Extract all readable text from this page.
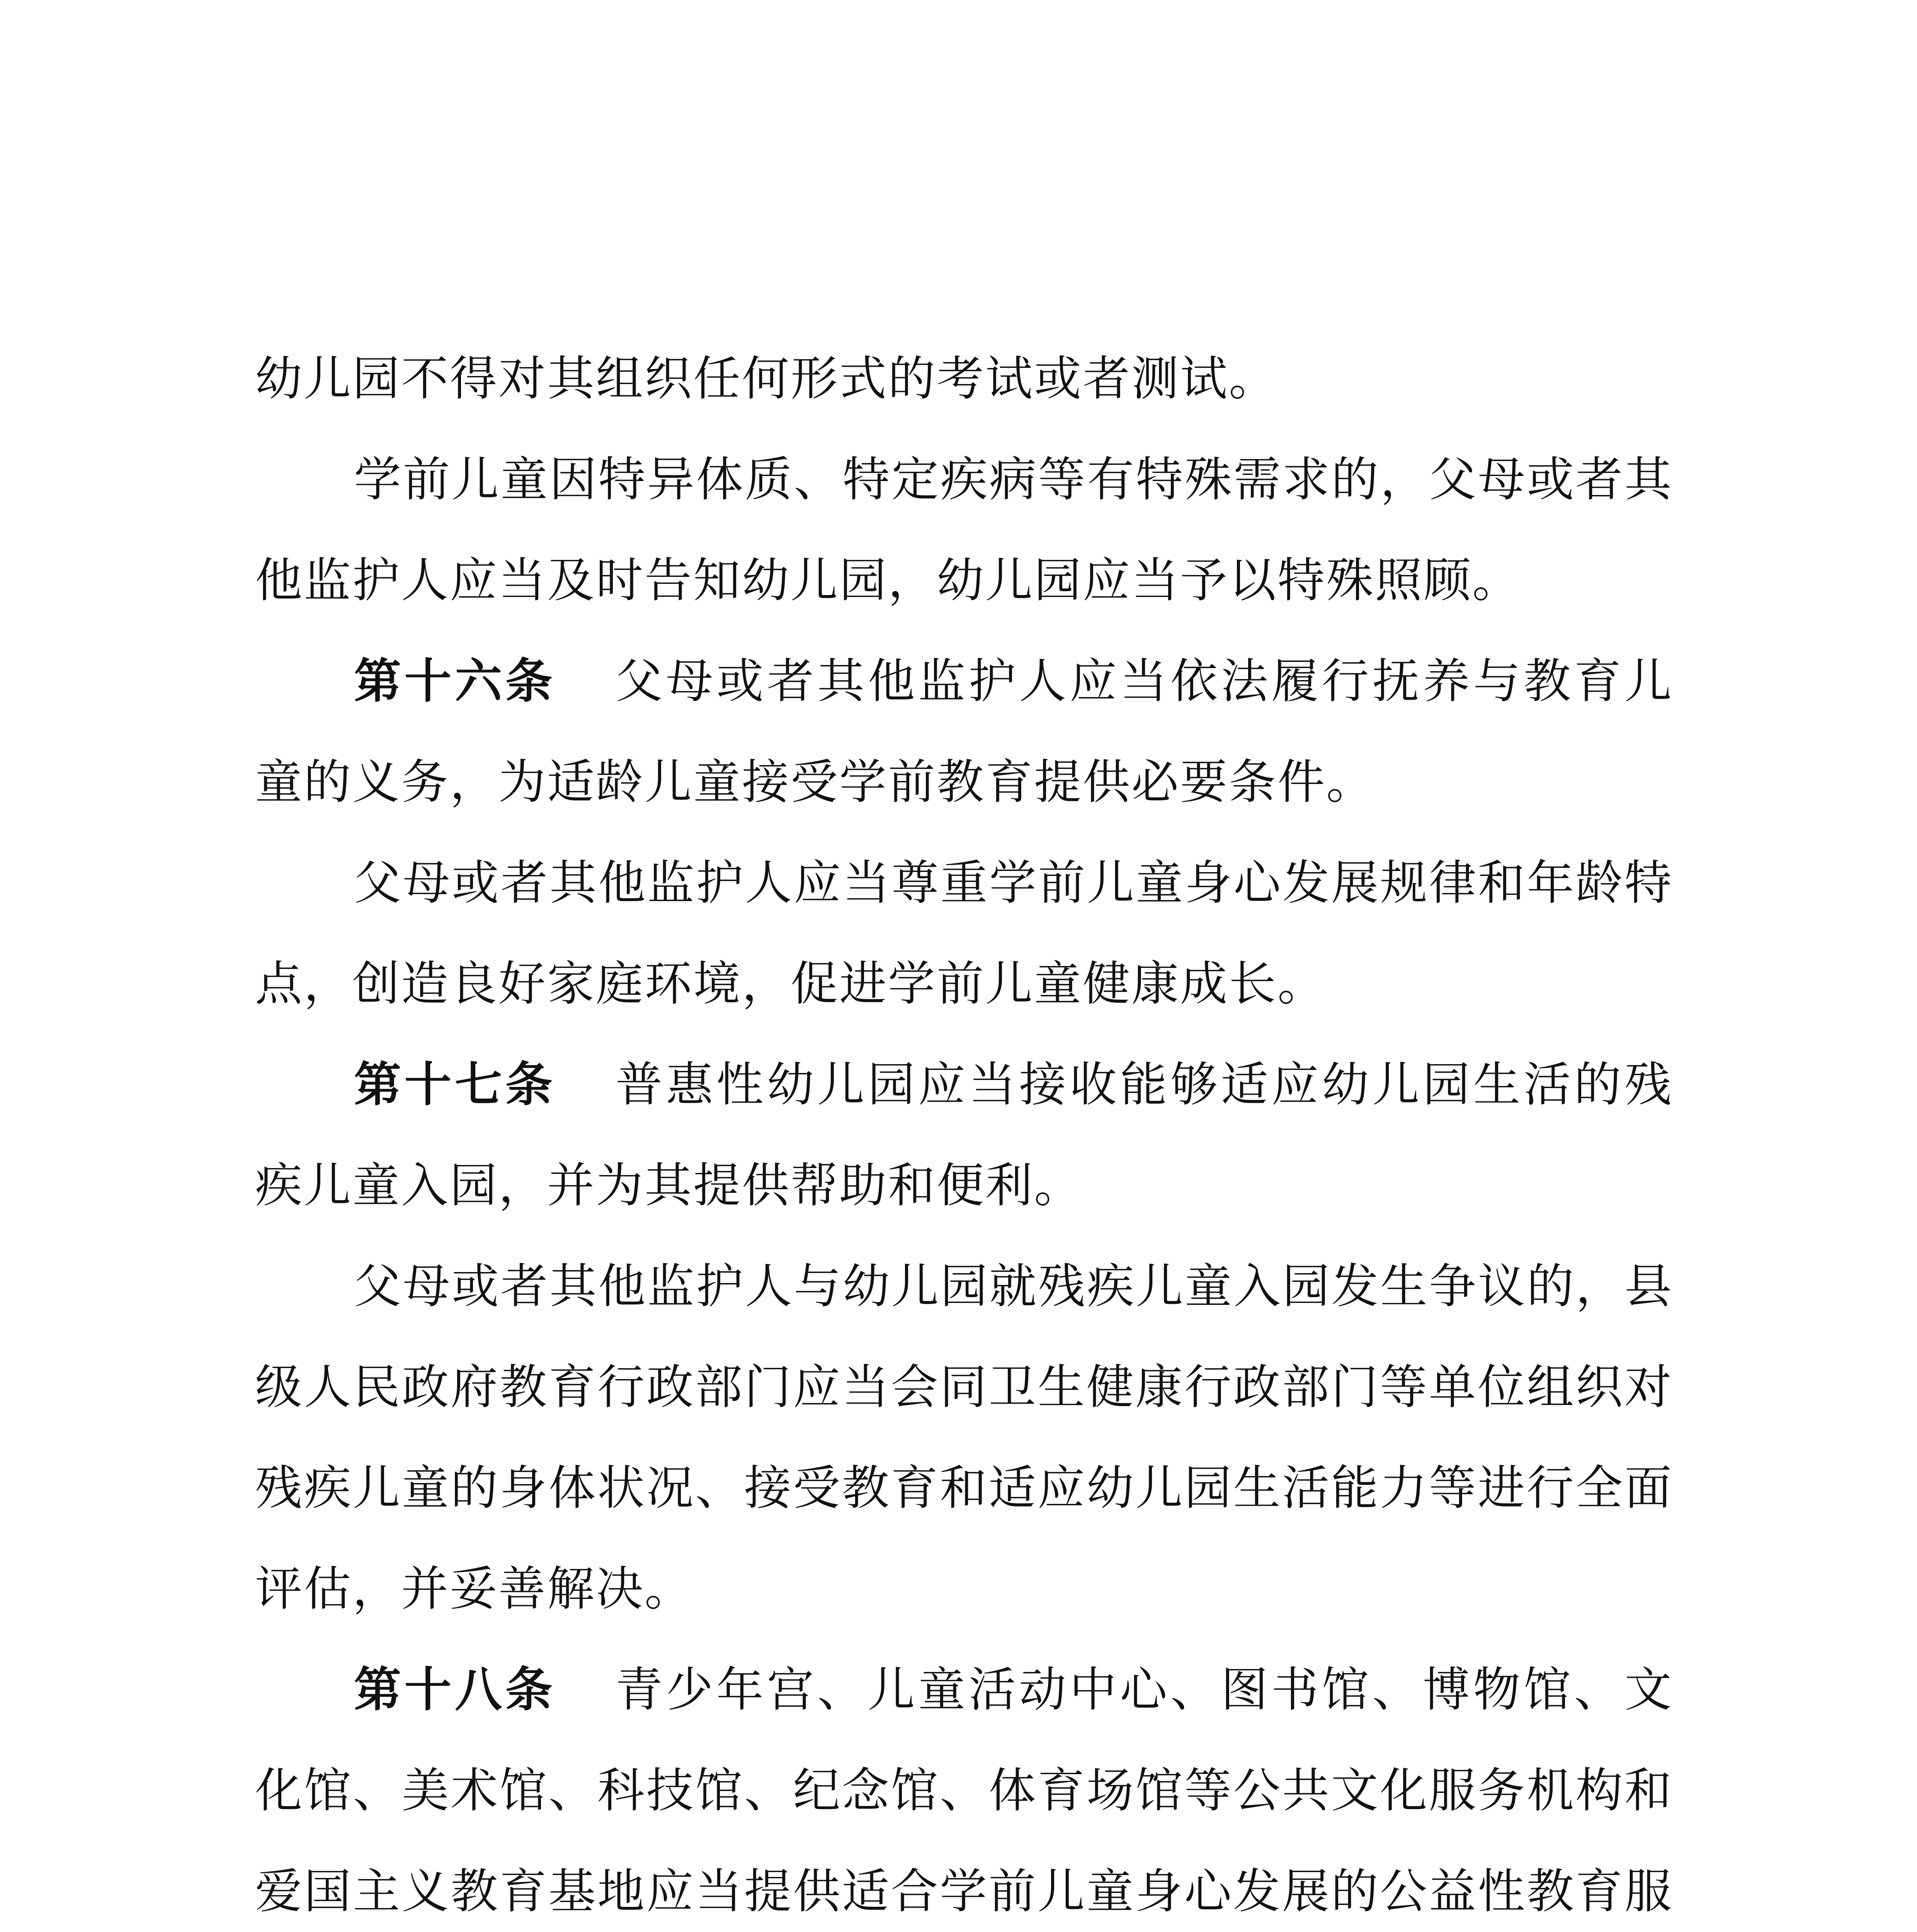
幼儿园不得对其组织任何形式的考试或者测试。

学前儿童因特异体质、特定疾病等有特殊需求的，父母或者其他监护人应当及时告知幼儿园，幼儿园应当予以特殊照顾。

第十六条 父母或者其他监护人应当依法履行抚养与教育儿童的义务，为适龄儿童接受学前教育提供必要条件。

父母或者其他监护人应当尊重学前儿童身心发展规律和年龄特点，创造良好家庭环境，促进学前儿童健康成长。

第十七条 普惠性幼儿园应当接收能够适应幼儿园生活的残疾儿童入园，并为其提供帮助和便利。

父母或者其他监护人与幼儿园就残疾儿童入园发生争议的，县级人民政府教育行政部门应当会同卫生健康行政部门等单位组织对残疾儿童的身体状况、接受教育和适应幼儿园生活能力等进行全面评估，并妥善解决。

第十八条 青少年宫、儿童活动中心、图书馆、博物馆、文化馆、美术馆、科技馆、纪念馆、体育场馆等公共文化服务机构和爱国主义教育基地应当提供适合学前儿童身心发展的公益性教育服
